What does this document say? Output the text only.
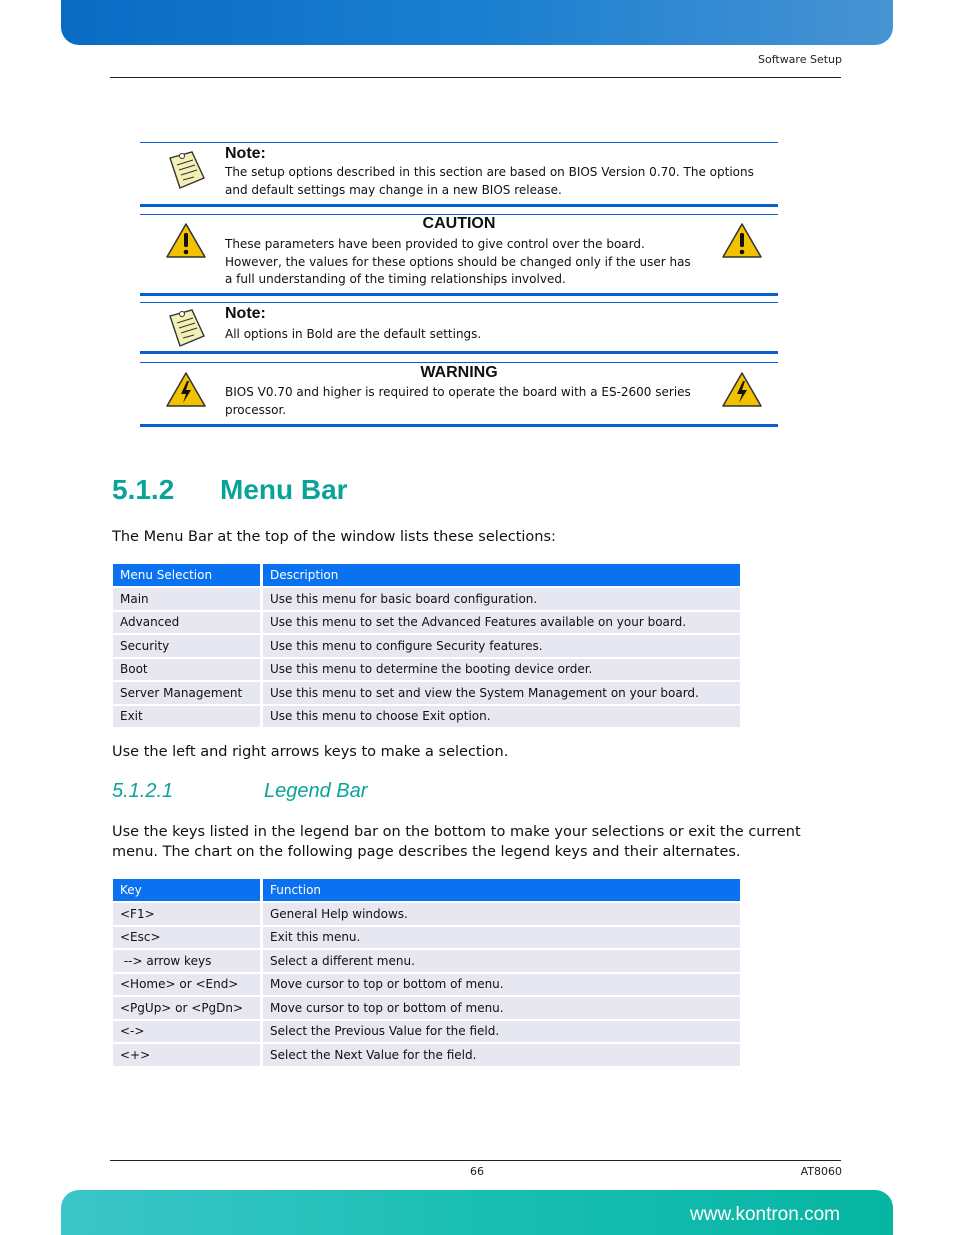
Software Setup
Note:
The setup options described in this section are based on BIOS Version 0.70. The options and default settings may change in a new BIOS release.
CAUTION
These parameters have been provided to give control over the board. However, the values for these options should be changed only if the user has a full understanding of the timing relationships involved.
Note:
All options in Bold are the default settings.
WARNING
BIOS V0.70 and higher is required to operate the board with a ES-2600 series processor.
5.1.2 Menu Bar
The Menu Bar at the top of the window lists these selections:
Menu Selection	Description
Main	Use this menu for basic board configuration.
Advanced	Use this menu to set the Advanced Features available on your board.
Security	Use this menu to configure Security features.
Boot	Use this menu to determine the booting device order.
Server Management	Use this menu to set and view the System Management on your board.
Exit	Use this menu to choose Exit option.
Use the left and right arrows keys to make a selection.
5.1.2.1	Legend Bar
Use the keys listed in the legend bar on the bottom to make your selections or exit the current menu. The chart on the following page describes the legend keys and their alternates.
Key	Function
<F1>	General Help windows.
<Esc>	Exit this menu.
--> arrow keys	Select a different menu.
<Home> or <End>	Move cursor to top or bottom of menu.
<PgUp> or <PgDn>	Move cursor to top or bottom of menu.
<->	Select the Previous Value for the field.
<+>	Select the Next Value for the field.
66	AT8060
www.kontron.com
